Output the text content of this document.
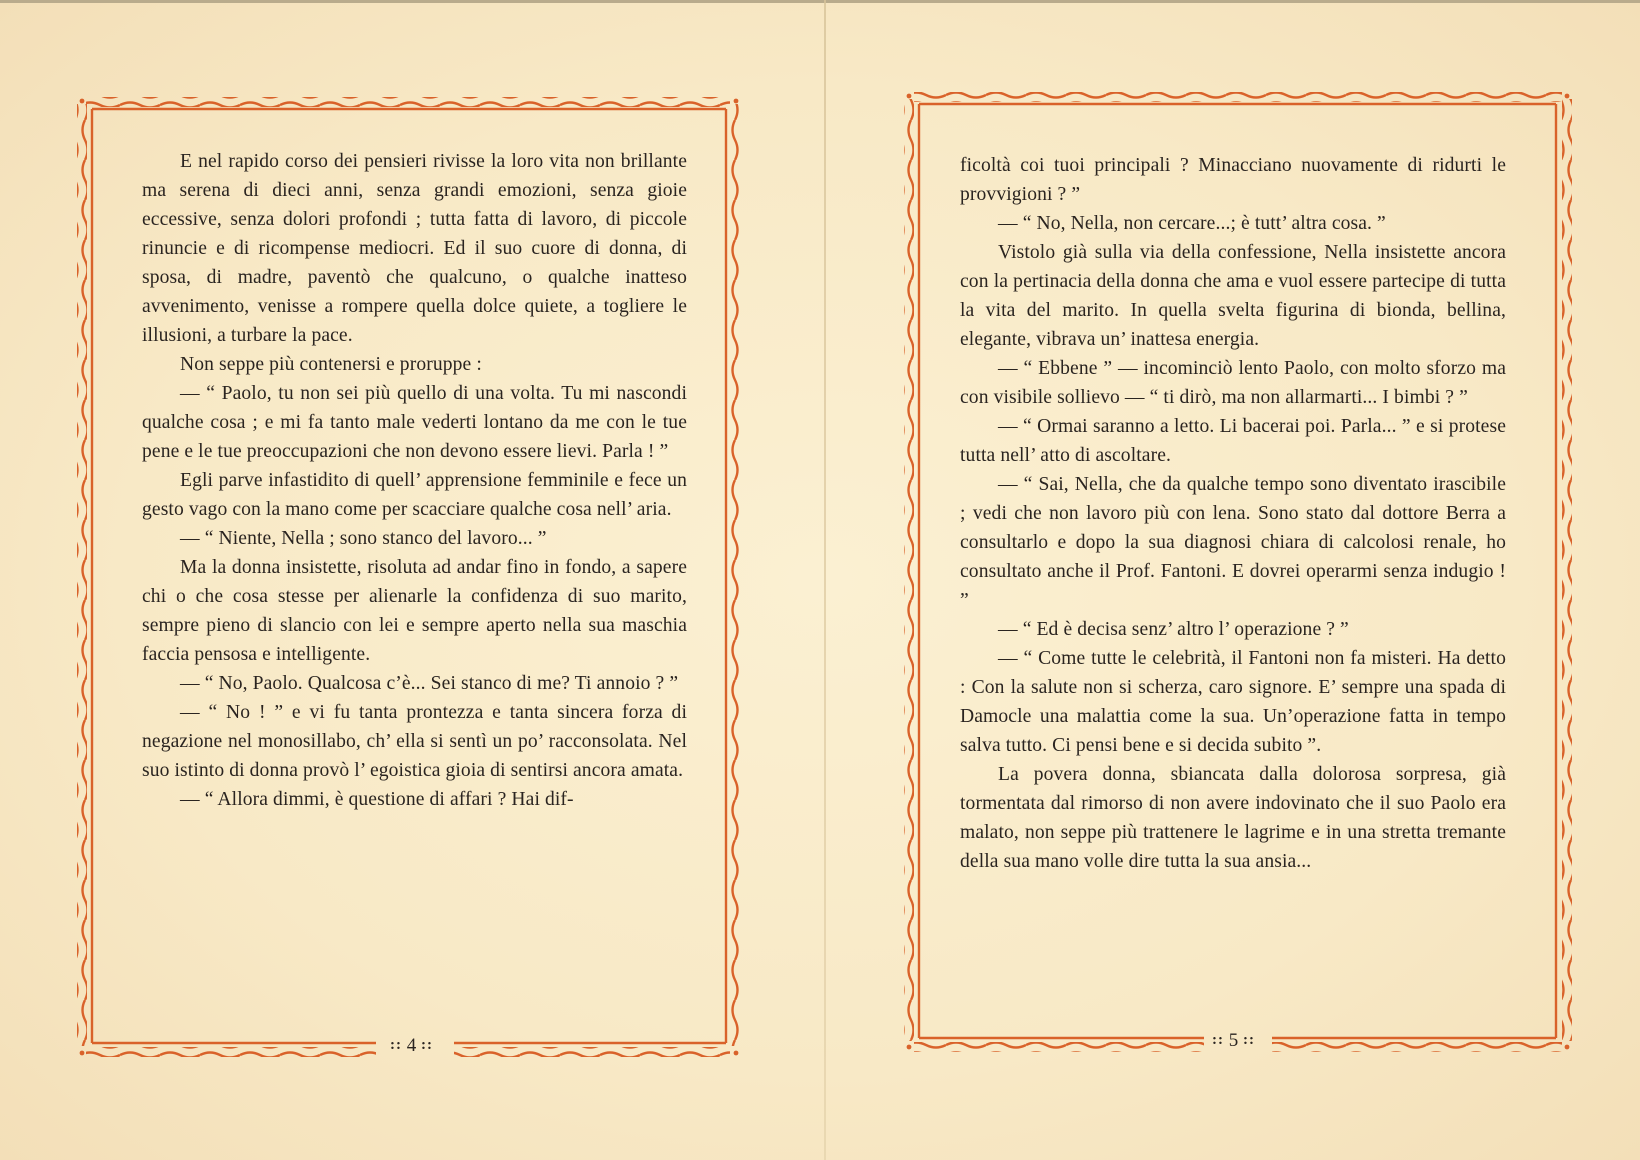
E nel rapido corso dei pensieri rivisse la loro vita non brillante ma serena di dieci anni, senza grandi emozioni, senza gioie eccessive, senza dolori profondi ; tutta fatta di lavoro, di piccole rinuncie e di ricompense mediocri. Ed il suo cuore di donna, di sposa, di madre, paventò che qualcuno, o qualche inatteso avvenimento, venisse a rompere quella dolce quiete, a togliere le illusioni, a turbare la pace.

Non seppe più contenersi e proruppe :

— “ Paolo, tu non sei più quello di una volta. Tu mi nascondi qualche cosa ; e mi fa tanto male vederti lontano da me con le tue pene e le tue preoccupazioni che non devono essere lievi. Parla ! ”

Egli parve infastidito di quell’ apprensione femminile e fece un gesto vago con la mano come per scacciare qualche cosa nell’ aria.

— “ Niente, Nella ; sono stanco del lavoro... ”

Ma la donna insistette, risoluta ad andar fino in fondo, a sapere chi o che cosa stesse per alienarle la confidenza di suo marito, sempre pieno di slancio con lei e sempre aperto nella sua maschia faccia pensosa e intelligente.

— “ No, Paolo. Qualcosa c’è... Sei stanco di me? Ti annoio ? ”

— “ No ! ” e vi fu tanta prontezza e tanta sincera forza di negazione nel monosillabo, ch’ ella si sentì un po’ racconsolata. Nel suo istinto di donna provò l’ egoistica gioia di sentirsi ancora amata.

— “ Allora dimmi, è questione di affari ? Hai dif-

:: 4 ::

ficoltà coi tuoi principali ? Minacciano nuovamente di ridurti le provvigioni ? ”

— “ No, Nella, non cercare...; è tutt’ altra cosa. ”

Vistolo già sulla via della confessione, Nella insistette ancora con la pertinacia della donna che ama e vuol essere partecipe di tutta la vita del marito. In quella svelta figurina di bionda, bellina, elegante, vibrava un’ inattesa energia.

— “ Ebbene ” — incominciò lento Paolo, con molto sforzo ma con visibile sollievo — “ ti dirò, ma non allarmarti... I bimbi ? ”

— “ Ormai saranno a letto. Li bacerai poi. Parla... ” e si protese tutta nell’ atto di ascoltare.

— “ Sai, Nella, che da qualche tempo sono diventato irascibile ; vedi che non lavoro più con lena. Sono stato dal dottore Berra a consultarlo e dopo la sua diagnosi chiara di calcolosi renale, ho consultato anche il Prof. Fantoni. E dovrei operarmi senza indugio ! ”

— “ Ed è decisa senz’ altro l’ operazione ? ”

— “ Come tutte le celebrità, il Fantoni non fa misteri. Ha detto : Con la salute non si scherza, caro signore. E’ sempre una spada di Damocle una malattia come la sua. Un’operazione fatta in tempo salva tutto. Ci pensi bene e si decida subito ”.

La povera donna, sbiancata dalla dolorosa sorpresa, già tormentata dal rimorso di non avere indovinato che il suo Paolo era malato, non seppe più trattenere le lagrime e in una stretta tremante della sua mano volle dire tutta la sua ansia...

:: 5 ::
